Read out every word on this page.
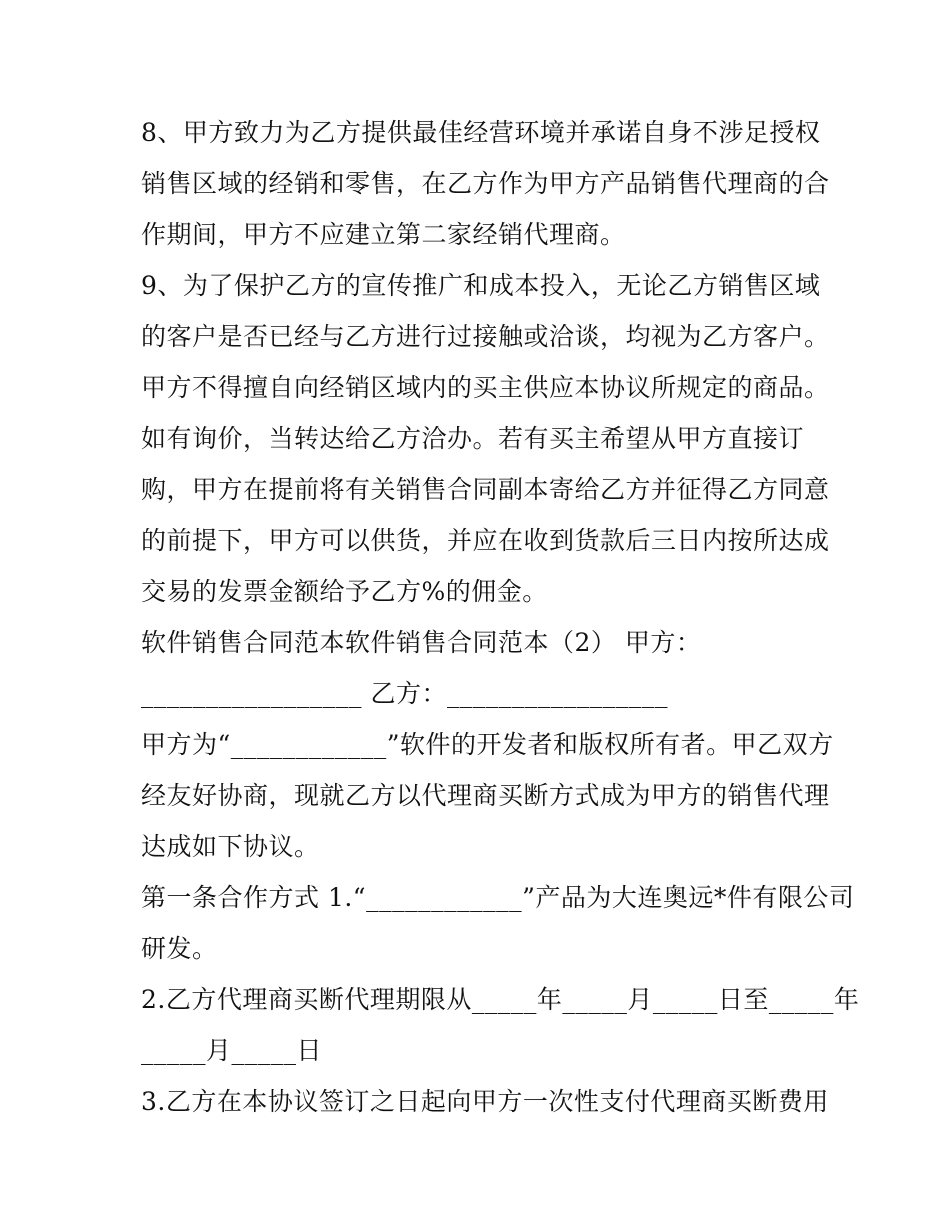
8、甲方致力为乙方提供最佳经营环境并承诺自身不涉足授权
销售区域的经销和零售，在乙方作为甲方产品销售代理商的合
作期间，甲方不应建立第二家经销代理商。
9、为了保护乙方的宣传推广和成本投入，无论乙方销售区域
的客户是否已经与乙方进行过接触或洽谈，均视为乙方客户。
甲方不得擅自向经销区域内的买主供应本协议所规定的商品。
如有询价，当转达给乙方洽办。若有买主希望从甲方直接订
购，甲方在提前将有关销售合同副本寄给乙方并征得乙方同意
的前提下，甲方可以供货，并应在收到货款后三日内按所达成
交易的发票金额给予乙方%的佣金。
软件销售合同范本软件销售合同范本（2） 甲方：
_________________ 乙方：_________________
甲方为“____________”软件的开发者和版权所有者。甲乙双方
经友好协商，现就乙方以代理商买断方式成为甲方的销售代理
达成如下协议。
第一条合作方式 1.“____________”产品为大连奥远*件有限公司
研发。
2.乙方代理商买断代理期限从_____年_____月_____日至_____年
_____月_____日
3.乙方在本协议签订之日起向甲方一次性支付代理商买断费用
